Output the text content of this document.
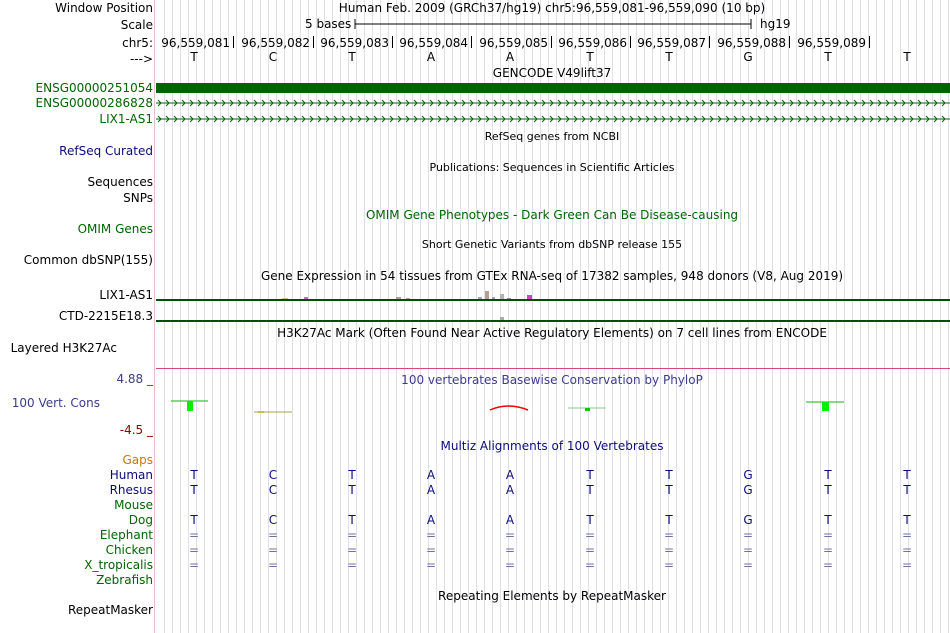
Window Position	Human Feb. 2009 (GRCh37/hg19) chr5:96,559,081-96,559,090 (10 bp)
Scale	5 bases	hg19
chr5: 96,559,081 96,559,082 96,559,083 96,559,084 96,559,085 96,559,086 96,559,087 96,559,088 96,559,089
--->	T	C	T	A	A	T	T	G	T	T
GENCODE V49lift37
ENSG00000251054
ENSG00000286828
LIX1-AS1
RefSeq genes from NCBI
RefSeq Curated
Publications: Sequences in Scientific Articles
Sequences
SNPs
OMIM Gene Phenotypes - Dark Green Can Be Disease-causing
OMIM Genes
Short Genetic Variants from dbSNP release 155
Common dbSNP(155)
Gene Expression in 54 tissues from GTEx RNA-seq of 17382 samples, 948 donors (V8, Aug 2019)
LIX1-AS1
CTD-2215E18.3
H3K27Ac Mark (Often Found Near Active Regulatory Elements) on 7 cell lines from ENCODE
Layered H3K27Ac
4.88 _	100 vertebrates Basewise Conservation by PhyloP
100 Vert. Cons
-4.5 _
Multiz Alignments of 100 Vertebrates
Gaps
Human	T	C	T	A	A	T	T	G	T	T
Rhesus	T	C	T	A	A	T	T	G	T	T
Mouse
Dog	T	C	T	A	A	T	T	G	T	T
Elephant	=	=	=	=	=	=	=	=	=	=
Chicken	=	=	=	=	=	=	=	=	=	=
X_tropicalis	=	=	=	=	=	=	=	=	=	=
Zebrafish
Repeating Elements by RepeatMasker
RepeatMasker
